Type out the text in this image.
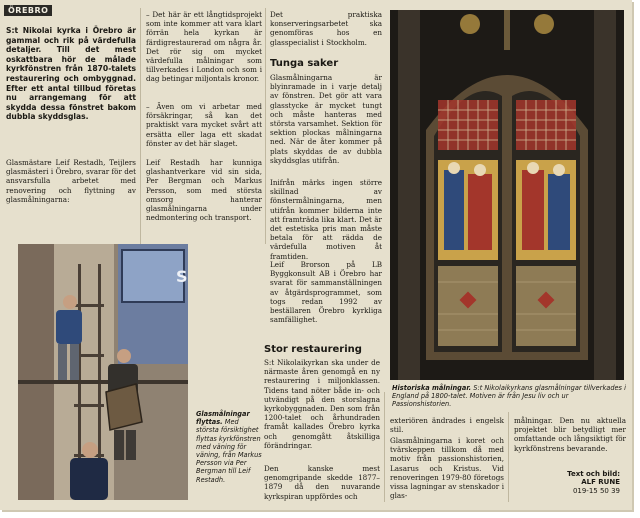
ÖREBRO

S:t Nikolai kyrka i Örebro är gammal och rik på värdefulla detaljer. Till det mest oskattbara hör de målade kyrkfönstren från 1870-talets restaurering och ombyggnad. Efter ett antal tillbud företas nu arrangemang för att skydda dessa fönstret bakom dubbla skyddsglas.

Glasmästare Leif Restadh, Teijlers glasmästeri i Örebro, svarar för det ansvarsfulla arbetet med renovering och flyttning av glasmålningarna:

– Det här är ett långtidsprojekt som inte kommer att vara klart förrän hela kyrkan är färdigrestaurerad om några år. Det rör sig om mycket värdefulla målningar som tillverkades i London och som i dag betingar miljontals kronor.

– Även om vi arbetar med försäkringar, så kan det praktiskt vara mycket svårt att ersätta eller laga ett skadat fönster av det här slaget.

Leif Restadh har kunniga glashantverkare vid sin sida, Per Bergman och Markus Persson, som med största omsorg hanterar glasmålningarna under nedmontering och transport.

S

Glasmålningar flyttas. Med största försiktighet flyttas kyrkfönstren med väning för väning, från Markus Persson via Per Bergman till Leif Restadh.

Det praktiska konserveringsarbetet ska genomföras hos en glasspecialist i Stockholm.

Tunga saker

Glasmålningarna är blyinramade in i varje detalj av fönstren. Det gör att vara glasstycke är mycket tungt och måste hanteras med största varsamhet. Sektion för sektion plockas målningarna ned. När de åter kommer på plats skyddas de av dubbla skyddsglas utifrån.

Inifrån märks ingen större skillnad av fönstermålningarna, men utifrån kommer bilderna inte att framträda lika klart. Det är det estetiska pris man måste betala för att rädda de värdefulla motiven åt framtiden.

Leif Brorson på LB Byggkonsult AB i Örebro har svarat för sammanställningen av åtgärdsprogrammet, som togs redan 1992 av beställaren Örebro kyrkliga samfällighet.

Stor restaurering

S:t Nikolaikyrkan ska under de närmaste åren genomgå en ny restaurering i miljonklassen. Tidens tand nöter både in- och utvändigt på den storslagna kyrkobyggnaden. Den som från 1200-talet och århundraden framåt kallades Örebro kyrka och genomgått åtskilliga förändringar.

Den kanske mest genomgripande skedde 1877–1879 då den nuvarande kyrkspiran uppfördes och

Historiska målningar. S:t Nikolaikyrkans glasmålningar tillverkades i England på 1800-talet. Motiven är från Jesu liv och ur Passionshistorien.

exteriören ändrades i engelsk stil.

Glasmålningarna i koret och tvärskeppen tillkom då med motiv från passionshistorien, Lasarus och Kristus. Vid renoveringen 1979-80 företogs vissa lagningar av stenskador i glas-

målningar. Den nu aktuella projektet blir betydligt mer omfattande och långsiktigt för kyrkfönstrens bevarande.

Text och bild:
ALF RUNE
019-15 50 39
